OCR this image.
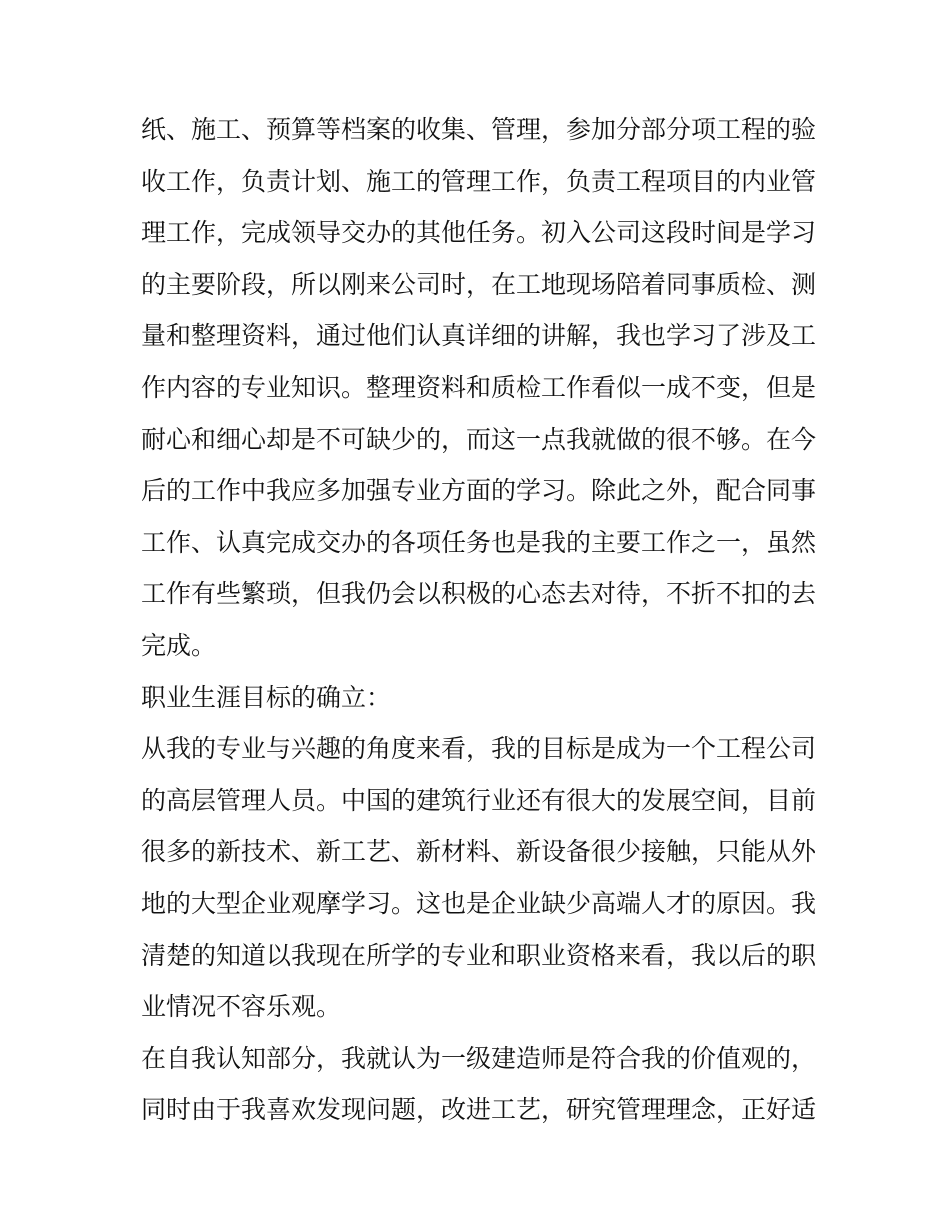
纸、施工、预算等档案的收集、管理，参加分部分项工程的验
收工作，负责计划、施工的管理工作，负责工程项目的内业管
理工作，完成领导交办的其他任务。初入公司这段时间是学习
的主要阶段，所以刚来公司时，在工地现场陪着同事质检、测
量和整理资料，通过他们认真详细的讲解，我也学习了涉及工
作内容的专业知识。整理资料和质检工作看似一成不变，但是
耐心和细心却是不可缺少的，而这一点我就做的很不够。在今
后的工作中我应多加强专业方面的学习。除此之外，配合同事
工作、认真完成交办的各项任务也是我的主要工作之一，虽然
工作有些繁琐，但我仍会以积极的心态去对待，不折不扣的去
完成。
职业生涯目标的确立：
从我的专业与兴趣的角度来看，我的目标是成为一个工程公司
的高层管理人员。中国的建筑行业还有很大的发展空间，目前
很多的新技术、新工艺、新材料、新设备很少接触，只能从外
地的大型企业观摩学习。这也是企业缺少高端人才的原因。我
清楚的知道以我现在所学的专业和职业资格来看，我以后的职
业情况不容乐观。
在自我认知部分，我就认为一级建造师是符合我的价值观的，
同时由于我喜欢发现问题，改进工艺，研究管理理念，正好适
